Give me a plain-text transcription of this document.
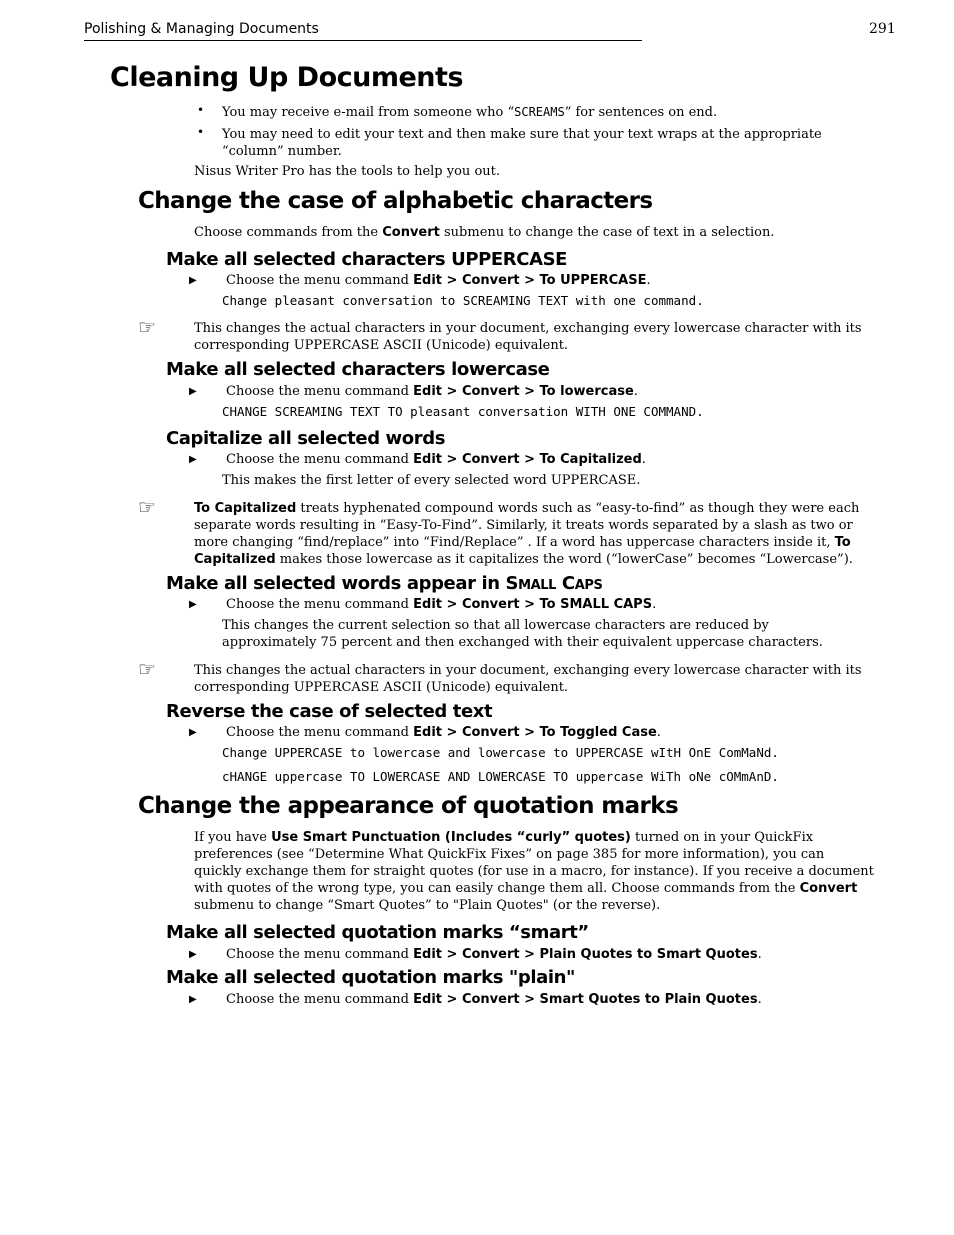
Polishing & Managing Documents	291
Cleaning Up Documents
• You may receive e-mail from someone who “SCREAMS” for sentences on end.
• You may need to edit your text and then make sure that your text wraps at the appropriate “column” number.
Nisus Writer Pro has the tools to help you out.
Change the case of alphabetic characters
Choose commands from the Convert submenu to change the case of text in a selection.
Make all selected characters UPPERCASE
▶ Choose the menu command Edit > Convert > To UPPERCASE.
Change pleasant conversation to SCREAMING TEXT with one command.
☞	This changes the actual characters in your document, exchanging every lowercase character with its corresponding UPPERCASE ASCII (Unicode) equivalent.
Make all selected characters lowercase
▶ Choose the menu command Edit > Convert > To lowercase.
CHANGE SCREAMING TEXT TO pleasant conversation WITH ONE COMMAND.
Capitalize all selected words
▶ Choose the menu command Edit > Convert > To Capitalized.
This makes the first letter of every selected word UPPERCASE.
☞	To Capitalized treats hyphenated compound words such as “easy-to-find” as though they were each separate words resulting in “Easy-To-Find”. Similarly, it treats words separated by a slash as two or more changing “find/replace” into “Find/Replace” . If a word has uppercase characters inside it, To Capitalized makes those lowercase as it capitalizes the word (“lowerCase” becomes “Lowercase”).
Make all selected words appear in Small Caps
▶ Choose the menu command Edit > Convert > To SMALL CAPS.
This changes the current selection so that all lowercase characters are reduced by approximately 75 percent and then exchanged with their equivalent uppercase characters.
☞	This changes the actual characters in your document, exchanging every lowercase character with its corresponding UPPERCASE ASCII (Unicode) equivalent.
Reverse the case of selected text
▶ Choose the menu command Edit > Convert > To Toggled Case.
Change UPPERCASE to lowercase and lowercase to UPPERCASE wItH OnE ComMaNd.
cHANGE uppercase TO LOWERCASE AND LOWERCASE TO uppercase WiTh oNe cOMmAnD.
Change the appearance of quotation marks
If you have Use Smart Punctuation (Includes “curly” quotes) turned on in your QuickFix preferences (see “Determine What QuickFix Fixes” on page 385 for more information), you can quickly exchange them for straight quotes (for use in a macro, for instance). If you receive a document with quotes of the wrong type, you can easily change them all. Choose commands from the Convert submenu to change “Smart Quotes” to "Plain Quotes" (or the reverse).
Make all selected quotation marks “smart”
▶ Choose the menu command Edit > Convert > Plain Quotes to Smart Quotes.
Make all selected quotation marks "plain"
▶ Choose the menu command Edit > Convert > Smart Quotes to Plain Quotes.
